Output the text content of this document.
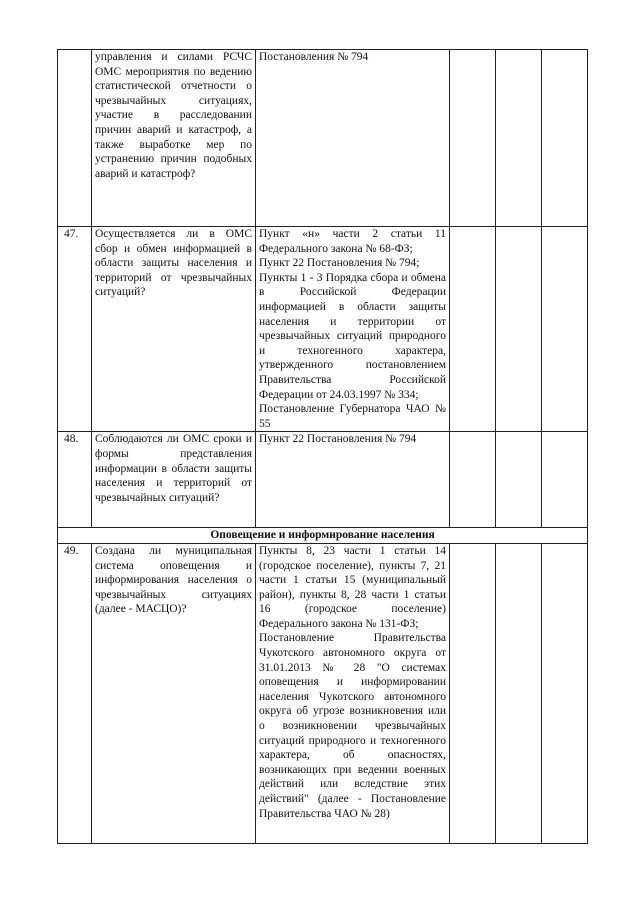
	управления и силами РСЧС ОМС мероприятия по ведению статистической отчетности о чрезвычайных ситуациях, участие в расследовании причин аварий и катастроф, а также выработке мер по устранению причин подобных аварий и катастроф?	Постановления № 794			
47.	Осуществляется ли в ОМС сбор и обмен информацией в области защиты населения и территорий от чрезвычайных ситуаций?	Пункт «н» части 2 статьи 11 Федерального закона № 68-ФЗ;
Пункт 22 Постановления № 794;
Пункты 1 - 3 Порядка сбора и обмена в Российской Федерации информацией в области защиты населения и территории от чрезвычайных ситуаций природного и техногенного характера, утвержденного постановлением Правительства Российской Федерации от 24.03.1997 № 334;
Постановление Губернатора ЧАО № 55			
48.	Соблюдаются ли ОМС сроки и формы представления информации в области защиты населения и территорий от чрезвычайных ситуаций?	Пункт 22 Постановления № 794			
Оповещение и информирование населения					
49.	Создана ли муниципальная система оповещения и информирования населения о чрезвычайных ситуациях (далее - МАСЦО)?	Пункты 8, 23 части 1 статьи 14 (городское поселение), пункты 7, 21 части 1 статьи 15 (муниципальный район), пункты 8, 28 части 1 статьи 16 (городское поселение) Федерального закона № 131-ФЗ;
Постановление Правительства Чукотского автономного округа от 31.01.2013 № 28 "О системах оповещения и информировании населения Чукотского автономного округа об угрозе возникновения или о возникновении чрезвычайных ситуаций природного и техногенного характера, об опасностях, возникающих при ведении военных действий или вследствие этих действий" (далее - Постановление Правительства ЧАО № 28)			
